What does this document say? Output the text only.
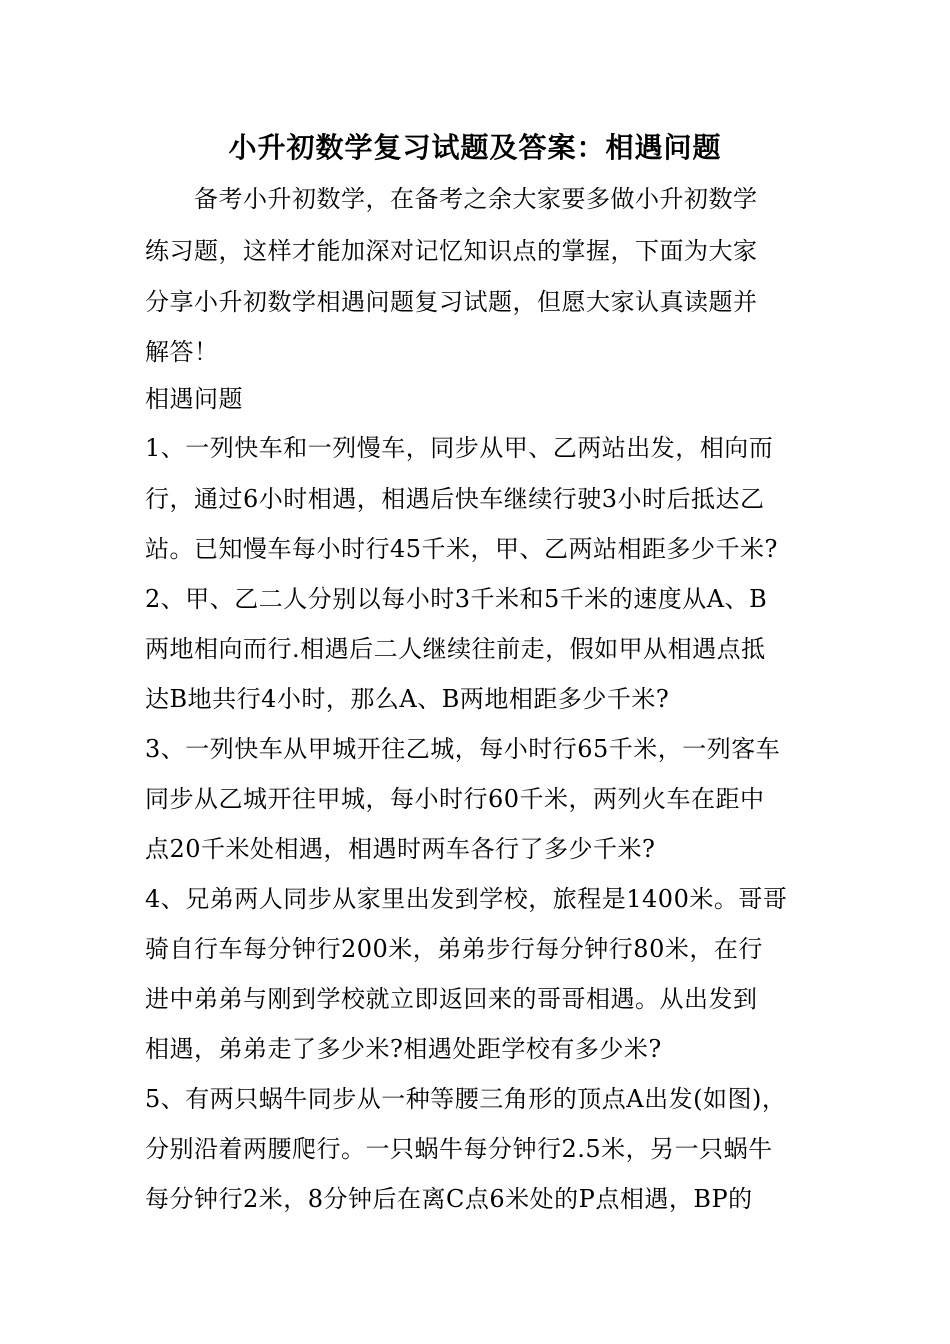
小升初数学复习试题及答案：相遇问题
备考小升初数学，在备考之余大家要多做小升初数学
练习题，这样才能加深对记忆知识点的掌握，下面为大家
分享小升初数学相遇问题复习试题，但愿大家认真读题并
解答！
相遇问题
1、一列快车和一列慢车，同步从甲、乙两站出发，相向而
行，通过6小时相遇，相遇后快车继续行驶3小时后抵达乙
站。已知慢车每小时行45千米，甲、乙两站相距多少千米?
2、甲、乙二人分别以每小时3千米和5千米的速度从A、B
两地相向而行.相遇后二人继续往前走，假如甲从相遇点抵
达B地共行4小时，那么A、B两地相距多少千米?
3、一列快车从甲城开往乙城，每小时行65千米，一列客车
同步从乙城开往甲城，每小时行60千米，两列火车在距中
点20千米处相遇，相遇时两车各行了多少千米?
4、兄弟两人同步从家里出发到学校，旅程是1400米。哥哥
骑自行车每分钟行200米，弟弟步行每分钟行80米，在行
进中弟弟与刚到学校就立即返回来的哥哥相遇。从出发到
相遇，弟弟走了多少米?相遇处距学校有多少米?
5、有两只蜗牛同步从一种等腰三角形的顶点A出发(如图)，
分别沿着两腰爬行。一只蜗牛每分钟行2.5米，另一只蜗牛
每分钟行2米，8分钟后在离C点6米处的P点相遇，BP的
